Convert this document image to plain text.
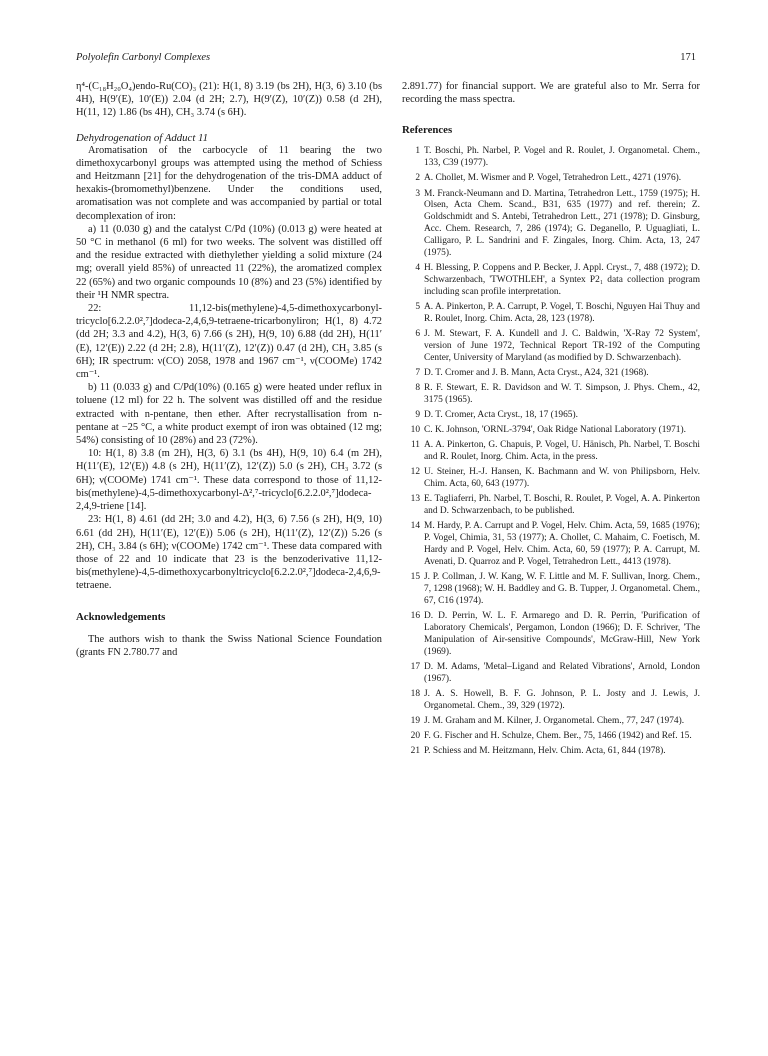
Polyolefin Carbonyl Complexes	171

η⁴-(C₁₈H₂₀O₄)endo-Ru(CO)₃ (21): H(1, 8) 3.19 (bs 2H), H(3, 6) 3.10 (bs 4H), H(9′(E), 10′(E)) 2.04 (d 2H; 2.7), H(9′(Z), 10′(Z)) 0.58 (d 2H), H(11, 12) 1.86 (bs 4H), CH₃ 3.74 (s 6H).

Dehydrogenation of Adduct 11

Aromatisation of the carbocycle of 11 bearing the two dimethoxycarbonyl groups was attempted using the method of Schiess and Heitzmann [21] for the dehydrogenation of the tris-DMA adduct of hexakis-(bromomethyl)benzene. Under the conditions used, aromatisation was not complete and was accompanied by partial or total decomplexation of iron:

a) 11 (0.030 g) and the catalyst C/Pd (10%) (0.013 g) were heated at 50 °C in methanol (6 ml) for two weeks. The solvent was distilled off and the residue extracted with diethylether yielding a solid mixture (24 mg; overall yield 85%) of unreacted 11 (22%), the aromatized complex 22 (65%) and two organic compounds 10 (8%) and 23 (5%) identified by their ¹H NMR spectra.

22: 11,12-bis(methylene)-4,5-dimethoxycarbonyl-tricyclo[6.2.2.0²,⁷]dodeca-2,4,6,9-tetraene-tricarbonyliron; H(1, 8) 4.72 (dd 2H; 3.3 and 4.2), H(3, 6) 7.66 (s 2H), H(9, 10) 6.88 (dd 2H), H(11′(E), 12′(E)) 2.22 (d 2H; 2.8), H(11′(Z), 12′(Z)) 0.47 (d 2H), CH₃ 3.85 (s 6H); IR spectrum: ν(CO) 2058, 1978 and 1967 cm⁻¹, ν(COOMe) 1742 cm⁻¹.

b) 11 (0.033 g) and C/Pd(10%) (0.165 g) were heated under reflux in toluene (12 ml) for 22 h. The solvent was distilled off and the residue extracted with n-pentane, then ether. After recrystallisation from n-pentane at −25 °C, a white product exempt of iron was obtained (12 mg; 54%) consisting of 10 (28%) and 23 (72%).

10: H(1, 8) 3.8 (m 2H), H(3, 6) 3.1 (bs 4H), H(9, 10) 6.4 (m 2H), H(11′(E), 12′(E)) 4.8 (s 2H), H(11′(Z), 12′(Z)) 5.0 (s 2H), CH₃ 3.72 (s 6H); ν(COOMe) 1741 cm⁻¹. These data correspond to those of 11,12-bis(methylene)-4,5-dimethoxycarbonyl-Δ²,⁷-tricyclo[6.2.2.0²,⁷]dodeca-2,4,9-triene [14].

23: H(1, 8) 4.61 (dd 2H; 3.0 and 4.2), H(3, 6) 7.56 (s 2H), H(9, 10) 6.61 (dd 2H), H(11′(E), 12′(E)) 5.06 (s 2H), H(11′(Z), 12′(Z)) 5.26 (s 2H), CH₃ 3.84 (s 6H); ν(COOMe) 1742 cm⁻¹. These data compared with those of 22 and 10 indicate that 23 is the benzoderivative 11,12-bis(methylene)-4,5-dimethoxycarbonyltricyclo[6.2.2.0²,⁷]dodeca-2,4,6,9-tetraene.

Acknowledgements

The authors wish to thank the Swiss National Science Foundation (grants FN 2.780.77 and

2.891.77) for financial support. We are grateful also to Mr. Serra for recording the mass spectra.

References

1 T. Boschi, Ph. Narbel, P. Vogel and R. Roulet, J. Organometal. Chem., 133, C39 (1977).
2 A. Chollet, M. Wismer and P. Vogel, Tetrahedron Lett., 4271 (1976).
3 M. Franck-Neumann and D. Martina, Tetrahedron Lett., 1759 (1975); H. Olsen, Acta Chem. Scand., B31, 635 (1977) and ref. therein; Z. Goldschmidt and S. Antebi, Tetrahedron Lett., 271 (1978); D. Ginsburg, Acc. Chem. Research, 7, 286 (1974); G. Deganello, P. Uguagliati, L. Calligaro, P. L. Sandrini and F. Zingales, Inorg. Chim. Acta, 13, 247 (1975).
4 H. Blessing, P. Coppens and P. Becker, J. Appl. Cryst., 7, 488 (1972); D. Schwarzenbach, 'TWOTHLEH', a Syntex P2₁ data collection program including scan profile interpretation.
5 A. A. Pinkerton, P. A. Carrupt, P. Vogel, T. Boschi, Nguyen Hai Thuy and R. Roulet, Inorg. Chim. Acta, 28, 123 (1978).
6 J. M. Stewart, F. A. Kundell and J. C. Baldwin, 'X-Ray 72 System', version of June 1972, Technical Report TR-192 of the Computing Center, University of Maryland (as modified by D. Schwarzenbach).
7 D. T. Cromer and J. B. Mann, Acta Cryst., A24, 321 (1968).
8 R. F. Stewart, E. R. Davidson and W. T. Simpson, J. Phys. Chem., 42, 3175 (1965).
9 D. T. Cromer, Acta Cryst., 18, 17 (1965).
10 C. K. Johnson, 'ORNL-3794', Oak Ridge National Laboratory (1971).
11 A. A. Pinkerton, G. Chapuis, P. Vogel, U. Hänisch, Ph. Narbel, T. Boschi and R. Roulet, Inorg. Chim. Acta, in the press.
12 U. Steiner, H.-J. Hansen, K. Bachmann and W. von Philipsborn, Helv. Chim. Acta, 60, 643 (1977).
13 E. Tagliaferri, Ph. Narbel, T. Boschi, R. Roulet, P. Vogel, A. A. Pinkerton and D. Schwarzenbach, to be published.
14 M. Hardy, P. A. Carrupt and P. Vogel, Helv. Chim. Acta, 59, 1685 (1976); P. Vogel, Chimia, 31, 53 (1977); A. Chollet, C. Mahaim, C. Foetisch, M. Hardy and P. Vogel, Helv. Chim. Acta, 60, 59 (1977); P. A. Carrupt, M. Avenati, D. Quarroz and P. Vogel, Tetrahedron Lett., 4413 (1978).
15 J. P. Collman, J. W. Kang, W. F. Little and M. F. Sullivan, Inorg. Chem., 7, 1298 (1968); W. H. Baddley and G. B. Tupper, J. Organometal. Chem., 67, C16 (1974).
16 D. D. Perrin, W. L. F. Armarego and D. R. Perrin, 'Purification of Laboratory Chemicals', Pergamon, London (1966); D. F. Schriver, 'The Manipulation of Air-sensitive Compounds', McGraw-Hill, New York (1969).
17 D. M. Adams, 'Metal–Ligand and Related Vibrations', Arnold, London (1967).
18 J. A. S. Howell, B. F. G. Johnson, P. L. Josty and J. Lewis, J. Organometal. Chem., 39, 329 (1972).
19 J. M. Graham and M. Kilner, J. Organometal. Chem., 77, 247 (1974).
20 F. G. Fischer and H. Schulze, Chem. Ber., 75, 1466 (1942) and Ref. 15.
21 P. Schiess and M. Heitzmann, Helv. Chim. Acta, 61, 844 (1978).
